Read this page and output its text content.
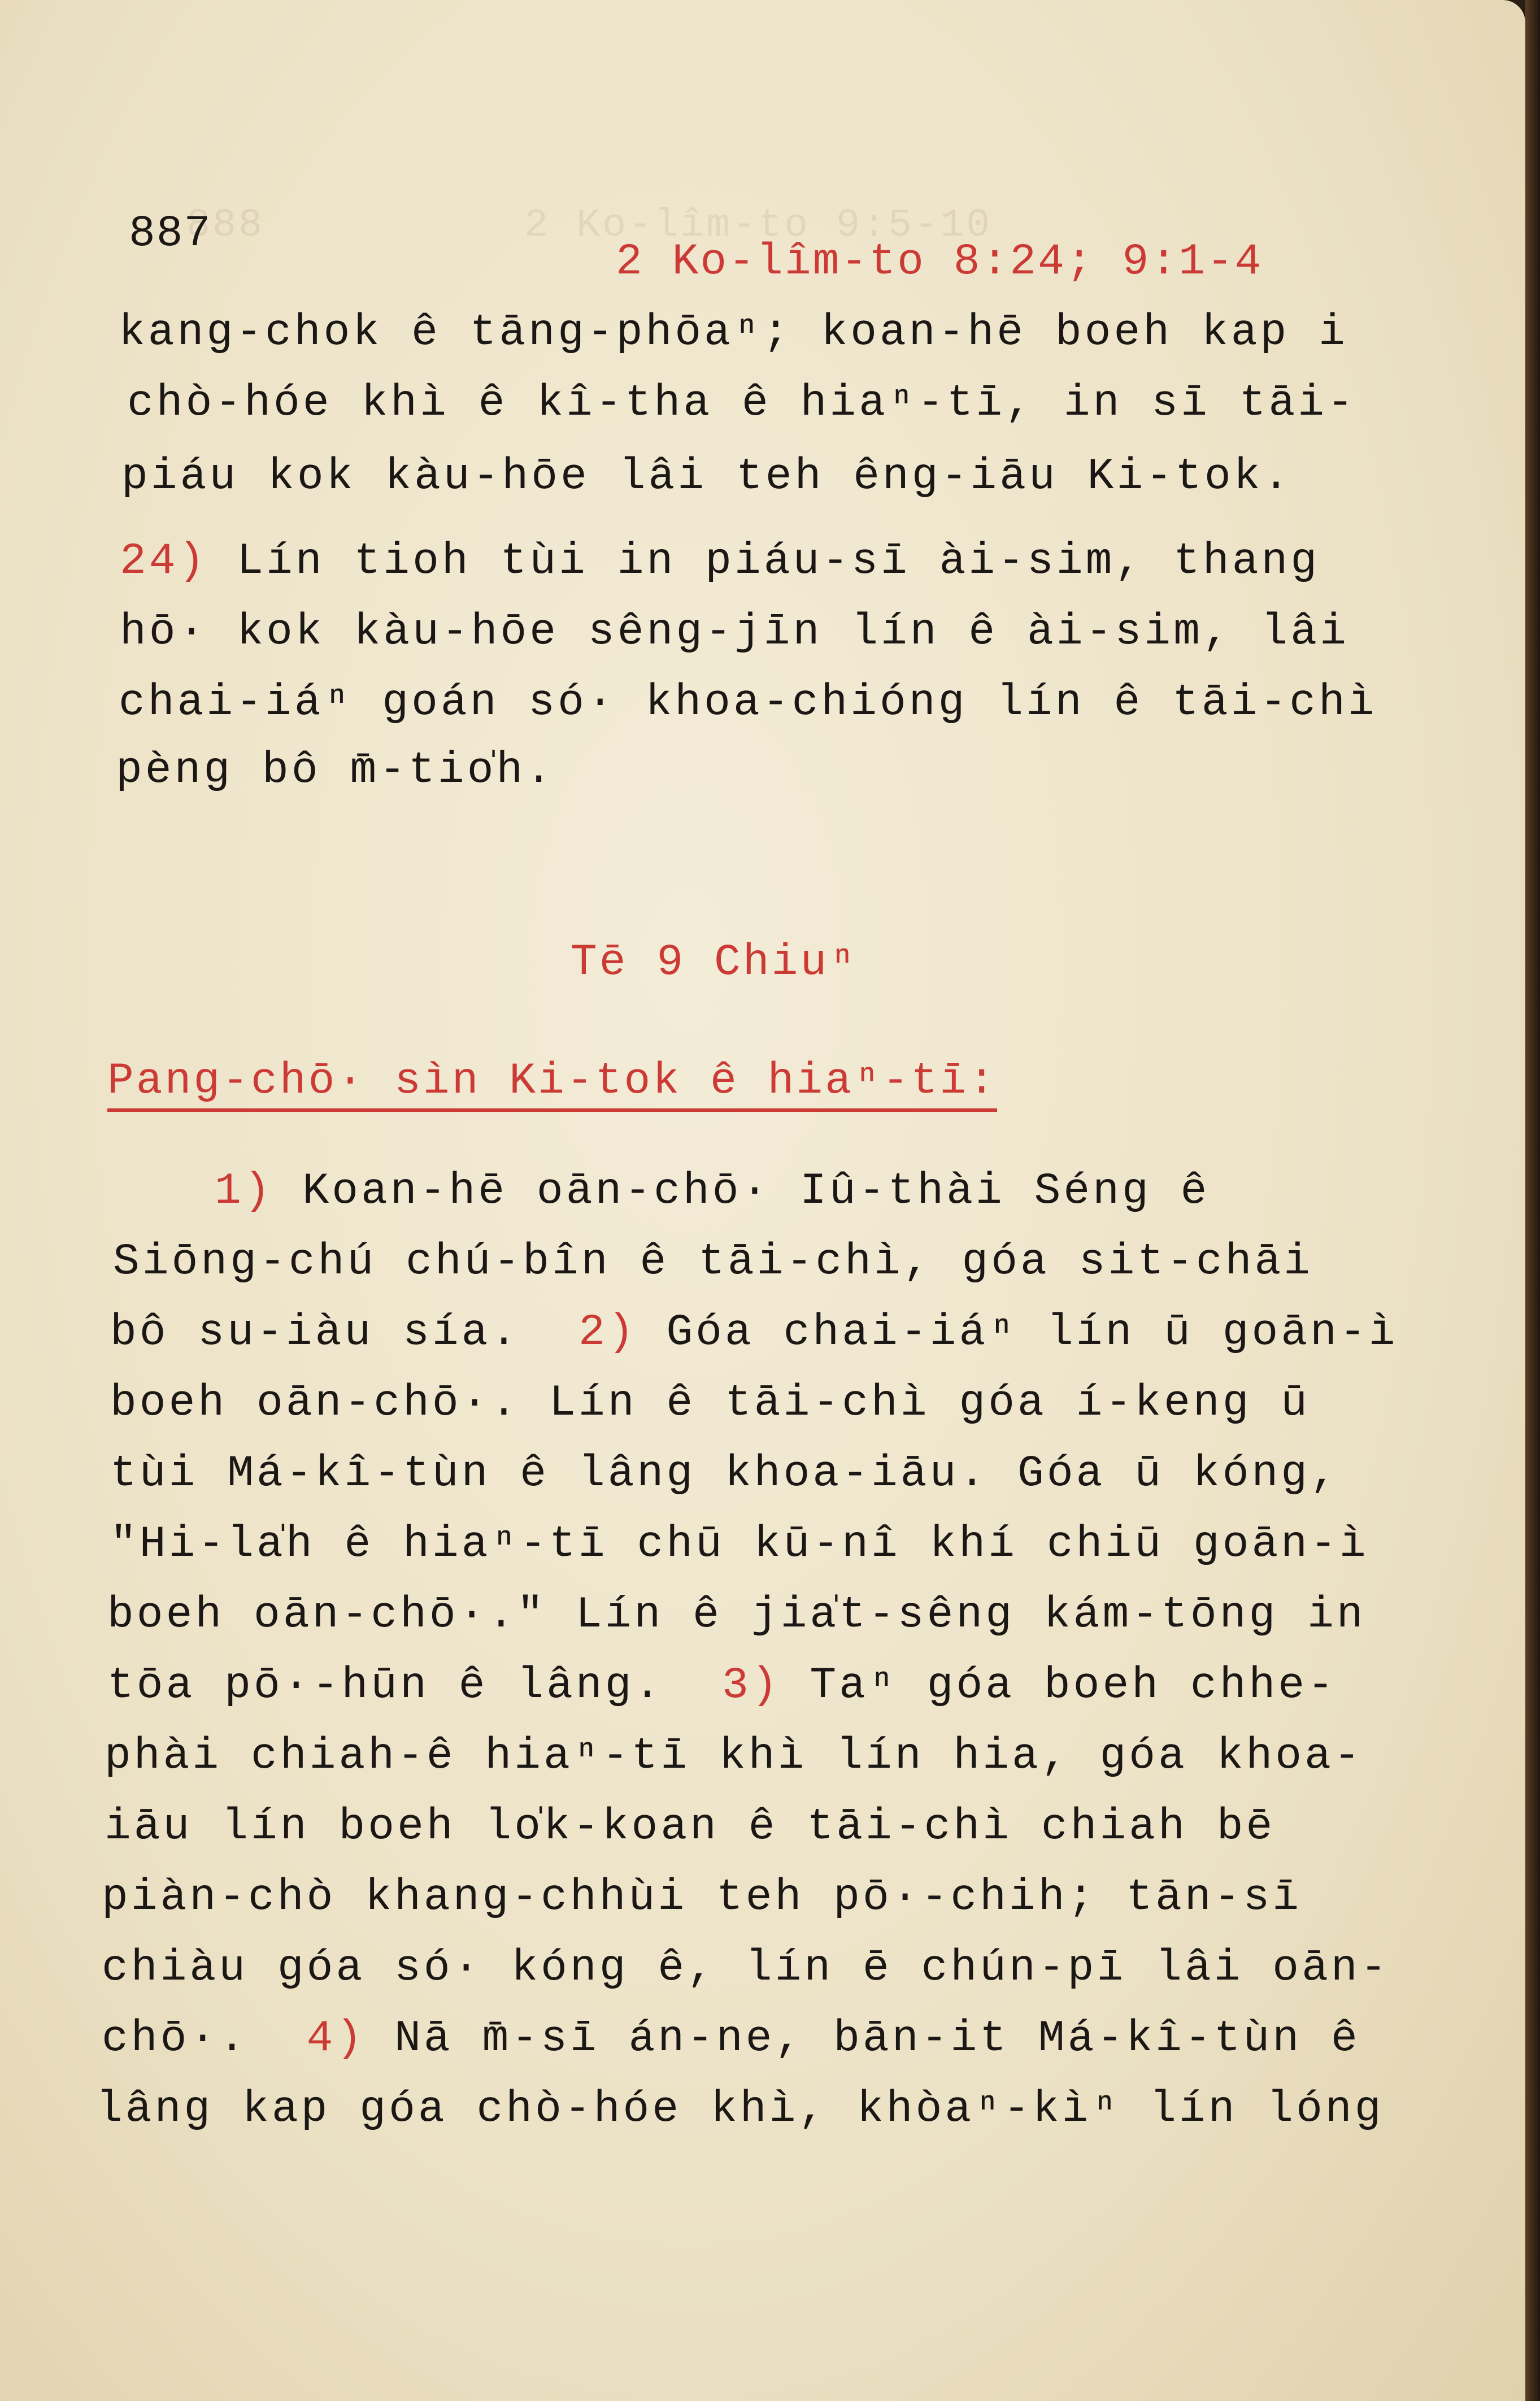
888          2 Ko-lîm-to 9:5-10
887
2 Ko-lîm-to 8:24; 9:1-4
kang-chok ê tāng-phōaⁿ; koan-hē boeh kap i
chò-hóe khì ê kî-tha ê hiaⁿ-tī, in sī tāi-
piáu kok kàu-hōe lâi teh êng-iāu Ki-tok.
24) Lín tioh tùi in piáu-sī ài-sim, thang
hō· kok kàu-hōe sêng-jīn lín ê ài-sim, lâi
chai-iáⁿ goán só· khoa-chióng lín ê tāi-chì
pèng bô m̄-tio̍h.
Tē 9 Chiuⁿ
Pang-chō· sìn Ki-tok ê hiaⁿ-tī:
1) Koan-hē oān-chō· Iû-thài Séng ê
Siōng-chú chú-bîn ê tāi-chì, góa sit-chāi
bô su-iàu sía. 2) Góa chai-iáⁿ lín ū goān-ì
boeh oān-chō·. Lín ê tāi-chì góa í-keng ū
tùi Má-kî-tùn ê lâng khoa-iāu. Góa ū kóng,
"Hi-la̍h ê hiaⁿ-tī chū kū-nî khí chiū goān-ì
boeh oān-chō·." Lín ê jia̍t-sêng kám-tōng in
tōa pō·-hūn ê lâng. 3) Taⁿ góa boeh chhe-
phài chiah-ê hiaⁿ-tī khì lín hia, góa khoa-
iāu lín boeh lo̍k-koan ê tāi-chì chiah bē
piàn-chò khang-chhùi teh pō·-chih; tān-sī
chiàu góa só· kóng ê, lín ē chún-pī lâi oān-
chō·. 4) Nā m̄-sī án-ne, bān-it Má-kî-tùn ê
lâng kap góa chò-hóe khì, khòaⁿ-kìⁿ lín lóng
